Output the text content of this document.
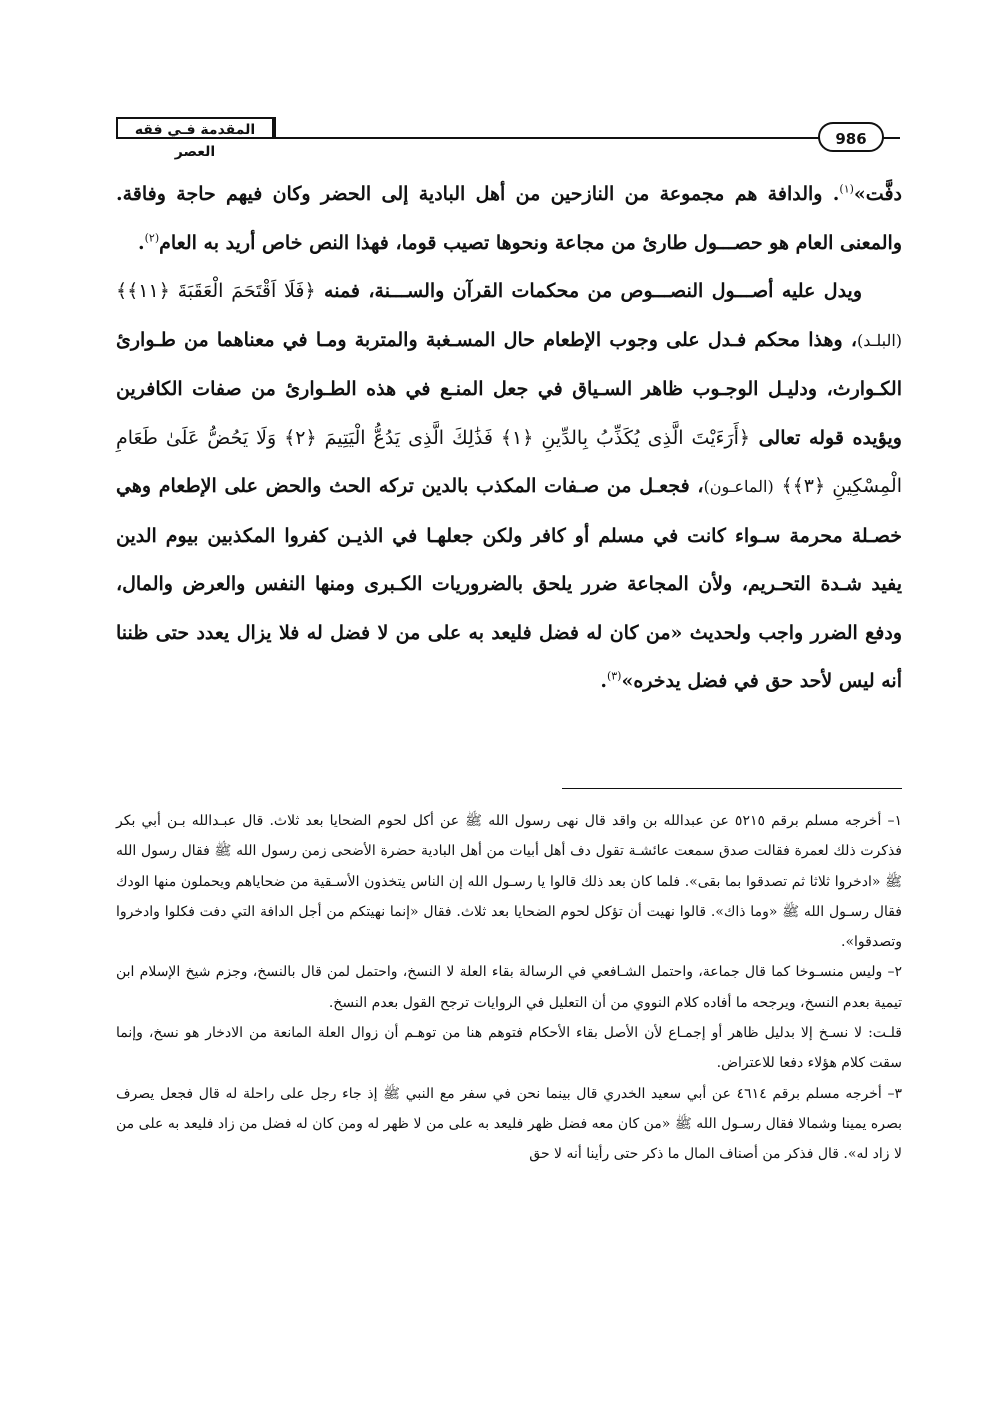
المقدمة فـي فقه العصر
986

دفَّت»$^{(١)}$. والدافة هم مجموعة من النازحين من أهل البادية إلى الحضر وكان فيهم حاجة وفاقة. والمعنى العام هو حصـــول طارئ من مجاعة ونحوها تصيب قوما، فهذا النص خاص أريد به العام$^{(٢)}$.

ويدل عليه أصـــول النصـــوص من محكمات القرآن والســـنة، فمنه ﴿فَلَا اَقْتَحَمَ الْعَقَبَةَ ﴿١١﴾﴾ (البلـد)، وهذا محكم فـدل على وجوب الإطعام حال المسـغبة والمتربة ومـا في معناهما من طـوارئ الكـوارث، ودليـل الوجـوب ظاهر السـياق في جعل المنـع في هذه الطـوارئ من صفات الكافرين ويؤيده قوله تعالى ﴿أَرَءَيْتَ الَّذِى يُكَذِّبُ بِالدِّينِ ﴿١﴾ فَذَٰلِكَ الَّذِى يَدُعُّ الْيَتِيمَ ﴿٢﴾ وَلَا يَحُضُّ عَلَىٰ طَعَامِ الْمِسْكِينِ ﴿٣﴾﴾ (الماعـون)، فجعـل من صـفات المكذب بالدين تركه الحث والحض على الإطعام وهي خصـلة محرمة سـواء كانت في مسلم أو كافر ولكن جعلهـا في الذيـن كفروا المكذبين بيوم الدين يفيد شـدة التحـريم، ولأن المجاعة ضرر يلحق بالضروريات الكـبرى ومنها النفس والعرض والمال، ودفع الضرر واجب ولحديث «من كان له فضل فليعد به على من لا فضل له فلا يزال يعدد حتى ظننا أنه ليس لأحد حق في فضل يدخره»$^{(٣)}$.

١– أخرجه مسلم برقم ٥٢١٥ عن عبدالله بن واقد قال نهى رسول الله ﷺ عن أكل لحوم الضحايا بعد ثلاث. قال عبـدالله بـن أبي بكر فذكرت ذلك لعمرة فقالت صدق سمعت عائشـة تقول دف أهل أبيات من أهل البادية حضرة الأضحى زمن رسول الله ﷺ فقال رسول الله ﷺ «ادخروا ثلاثا ثم تصدقوا بما بقى». فلما كان بعد ذلك قالوا يا رسـول الله إن الناس يتخذون الأسـقية من ضحاياهم ويحملون منها الودك فقال رسـول الله ﷺ «وما ذاك». قالوا نهيت أن تؤكل لحوم الضحايا بعد ثلاث. فقال «إنما نهيتكم من أجل الدافة التي دفت فكلوا وادخروا وتصدقوا».

٢– وليس منسـوخا كما قال جماعة، واحتمل الشـافعي في الرسالة بقاء العلة لا النسخ، واحتمل لمن قال بالنسخ، وجزم شيخ الإسلام ابن تيمية بعدم النسخ، ويرجحه ما أفاده كلام النووي من أن التعليل في الروايات ترجح القول بعدم النسخ.

قلـت: لا نسـخ إلا بدليل ظاهر أو إجمـاع لأن الأصل بقاء الأحكام فتوهم هنا من توهـم أن زوال العلة المانعة من الادخار هو نسخ، وإنما سقت كلام هؤلاء دفعا للاعتراض.

٣– أخرجه مسلم برقم ٤٦١٤ عن أبي سعيد الخدري قال بينما نحن في سفر مع النبي ﷺ إذ جاء رجل على راحلة له قال فجعل يصرف بصره يمينا وشمالا فقال رسـول الله ﷺ «من كان معه فضل ظهر فليعد به على من لا ظهر له ومن كان له فضل من زاد فليعد به على من لا زاد له». قال فذكر من أصناف المال ما ذكر حتى رأينا أنه لا حق
